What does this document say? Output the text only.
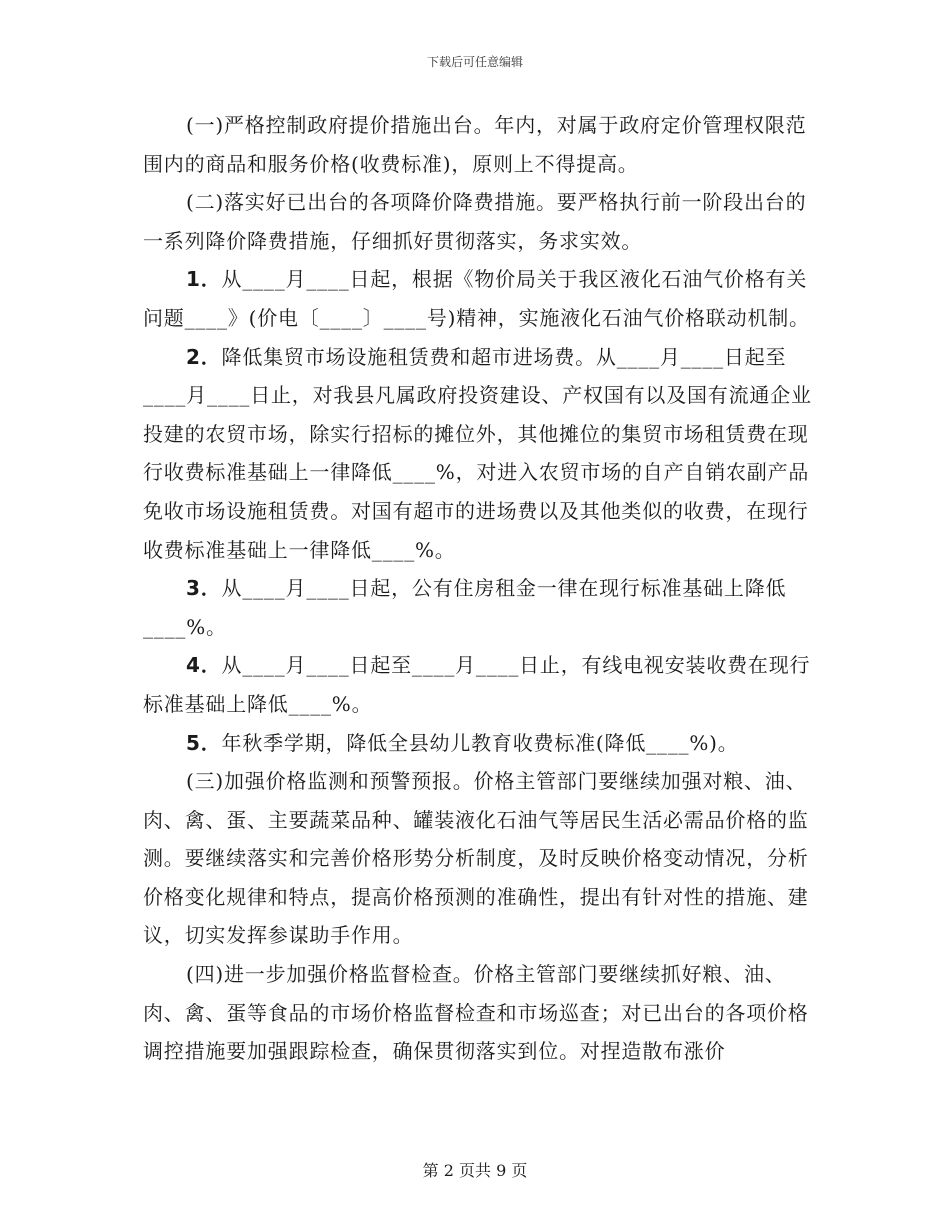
下载后可任意编辑

(一)严格控制政府提价措施出台。年内，对属于政府定价管理权限范围内的商品和服务价格(收费标准)，原则上不得提高。

(二)落实好已出台的各项降价降费措施。要严格执行前一阶段出台的一系列降价降费措施，仔细抓好贯彻落实，务求实效。

1．从____月____日起，根据《物价局关于我区液化石油气价格有关问题____》(价电〔____〕____号)精神，实施液化石油气价格联动机制。

2．降低集贸市场设施租赁费和超市进场费。从____月____日起至____月____日止，对我县凡属政府投资建设、产权国有以及国有流通企业投建的农贸市场，除实行招标的摊位外，其他摊位的集贸市场租赁费在现行收费标准基础上一律降低____%，对进入农贸市场的自产自销农副产品免收市场设施租赁费。对国有超市的进场费以及其他类似的收费，在现行收费标准基础上一律降低____%。

3．从____月____日起，公有住房租金一律在现行标准基础上降低____%。

4．从____月____日起至____月____日止，有线电视安装收费在现行标准基础上降低____%。

5．年秋季学期，降低全县幼儿教育收费标准(降低____%)。

(三)加强价格监测和预警预报。价格主管部门要继续加强对粮、油、肉、禽、蛋、主要蔬菜品种、罐装液化石油气等居民生活必需品价格的监测。要继续落实和完善价格形势分析制度，及时反映价格变动情况，分析价格变化规律和特点，提高价格预测的准确性，提出有针对性的措施、建议，切实发挥参谋助手作用。

(四)进一步加强价格监督检查。价格主管部门要继续抓好粮、油、肉、禽、蛋等食品的市场价格监督检查和市场巡查；对已出台的各项价格调控措施要加强跟踪检查，确保贯彻落实到位。对捏造散布涨价

第 2 页共 9 页
